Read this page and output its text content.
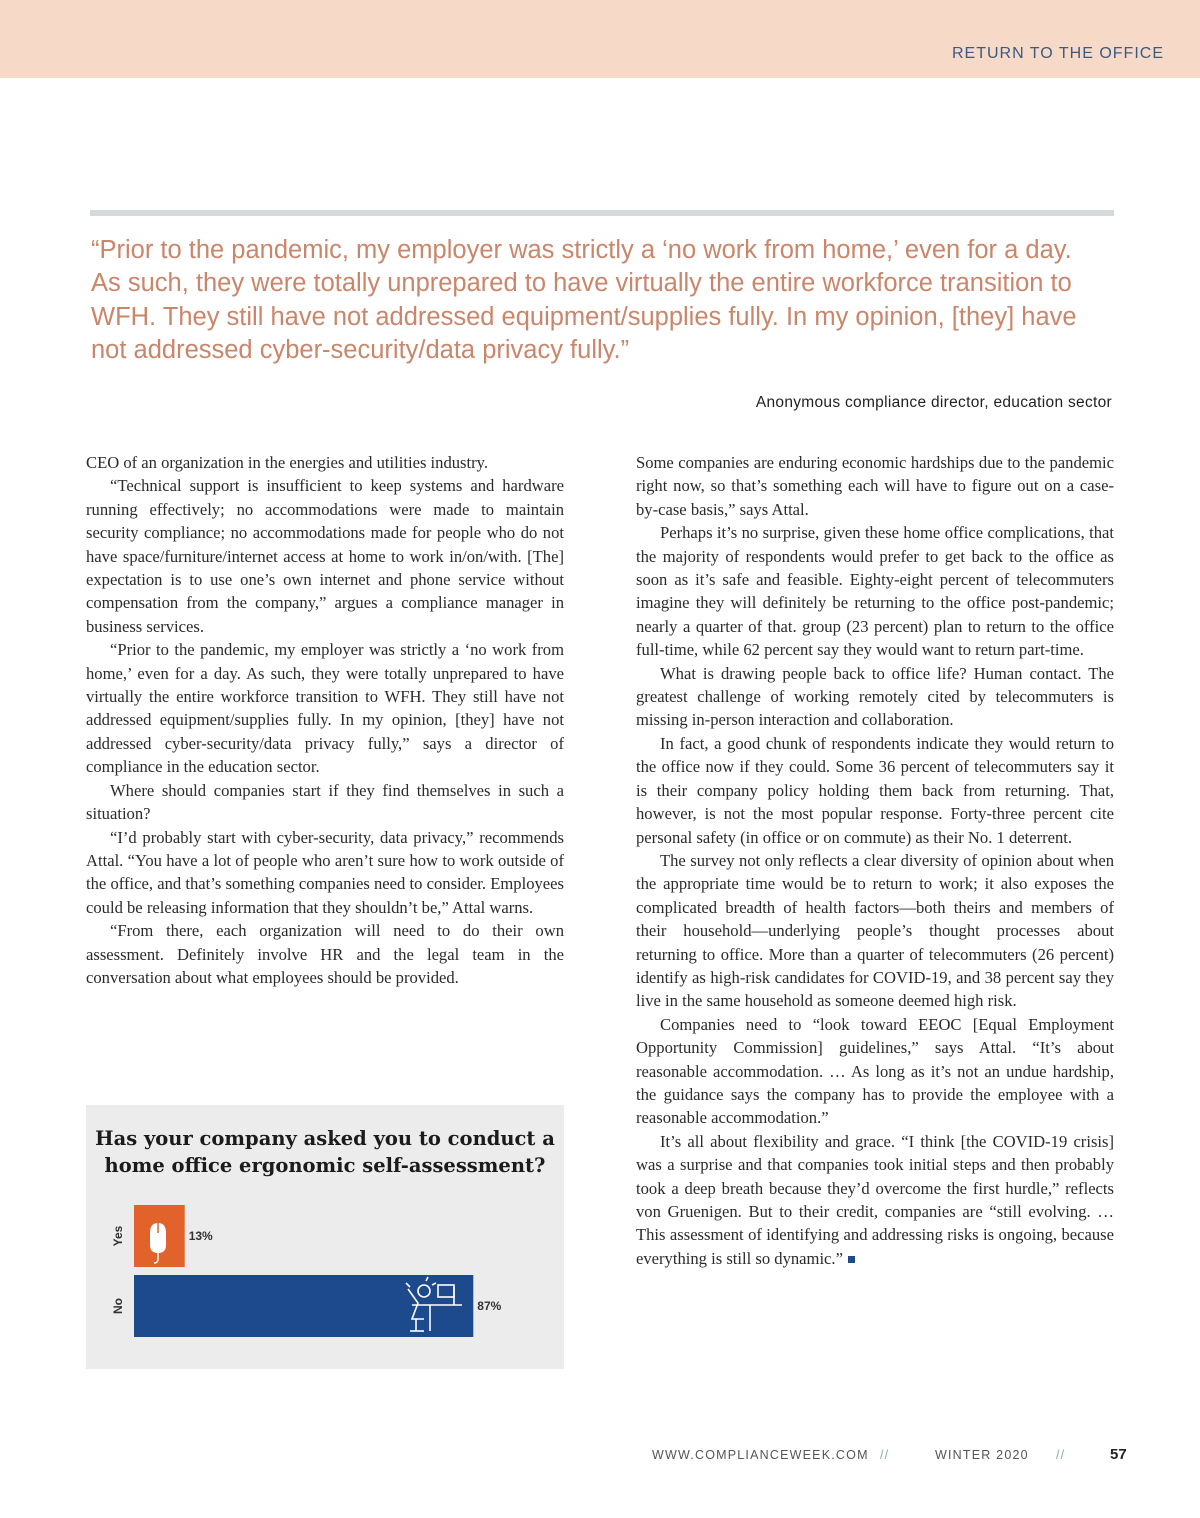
RETURN TO THE OFFICE

“Prior to the pandemic, my employer was strictly a ‘no work from home,’ even for a day. As such, they were totally unprepared to have virtually the entire workforce transition to WFH. They still have not addressed equipment/supplies fully. In my opinion, [they] have not addressed cyber-security/data privacy fully.”

Anonymous compliance director, education sector

CEO of an organization in the energies and utilities industry.

“Technical support is insufficient to keep systems and hardware running effectively; no accommodations were made to maintain security compliance; no accommodations made for people who do not have space/furniture/internet access at home to work in/on/with. [The] expectation is to use one’s own internet and phone service without compensation from the company,” argues a compliance manager in business services.

“Prior to the pandemic, my employer was strictly a ‘no work from home,’ even for a day. As such, they were totally unprepared to have virtually the entire workforce transition to WFH. They still have not addressed equipment/supplies fully. In my opinion, [they] have not addressed cyber-security/data privacy fully,” says a director of compliance in the education sector.

Where should companies start if they find themselves in such a situation?

“I’d probably start with cyber-security, data privacy,” recommends Attal. “You have a lot of people who aren’t sure how to work outside of the office, and that’s something companies need to consider. Employees could be releasing information that they shouldn’t be,” Attal warns.

“From there, each organization will need to do their own assessment. Definitely involve HR and the legal team in the conversation about what employees should be provided.

Some companies are enduring economic hardships due to the pandemic right now, so that’s something each will have to figure out on a case-by-case basis,” says Attal.

Perhaps it’s no surprise, given these home office complications, that the majority of respondents would prefer to get back to the office as soon as it’s safe and feasible. Eighty-eight percent of telecommuters imagine they will definitely be returning to the office post-pandemic; nearly a quarter of that. group (23 percent) plan to return to the office full-time, while 62 percent say they would want to return part-time.

What is drawing people back to office life? Human contact. The greatest challenge of working remotely cited by telecommuters is missing in-person interaction and collaboration.

In fact, a good chunk of respondents indicate they would return to the office now if they could. Some 36 percent of telecommuters say it is their company policy holding them back from returning. That, however, is not the most popular response. Forty-three percent cite personal safety (in office or on commute) as their No. 1 deterrent.

The survey not only reflects a clear diversity of opinion about when the appropriate time would be to return to work; it also exposes the complicated breadth of health factors—both theirs and members of their household—underlying people’s thought processes about returning to office. More than a quarter of telecommuters (26 percent) identify as high-risk candidates for COVID-19, and 38 percent say they live in the same household as someone deemed high risk.

Companies need to “look toward EEOC [Equal Employment Opportunity Commission] guidelines,” says Attal. “It’s about reasonable accommodation. … As long as it’s not an undue hardship, the guidance says the company has to provide the employee with a reasonable accommodation.”

It’s all about flexibility and grace. “I think [the COVID-19 crisis] was a surprise and that companies took initial steps and then probably took a deep breath because they’d overcome the first hurdle,” reflects von Gruenigen. But to their credit, companies are “still evolving. …This assessment of identifying and addressing risks is ongoing, because everything is still so dynamic.”

Has your company asked you to conduct a home office ergonomic self-assessment?

Yes	13%
No	87%
WWW.COMPLIANCEWEEK.COM //	WINTER 2020 //	57
